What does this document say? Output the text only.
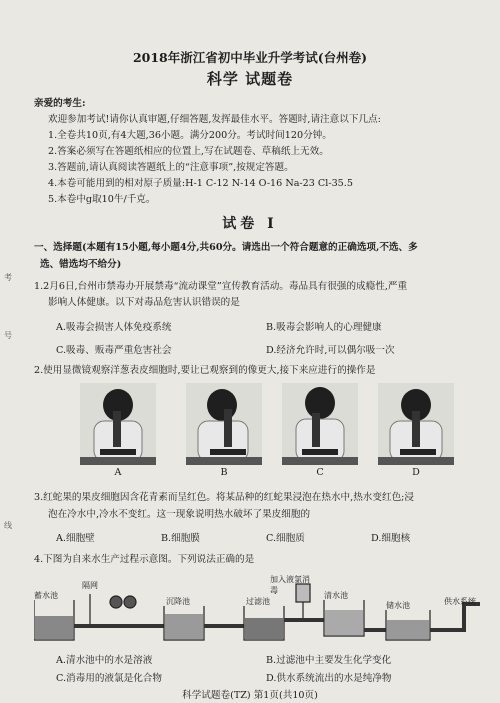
考
号
线
2018年浙江省初中毕业升学考试(台州卷)
科学 试题卷
亲爱的考生:
欢迎参加考试!请你认真审题,仔细答题,发挥最佳水平。答题时,请注意以下几点:
1.全卷共10页,有4大题,36小题。满分200分。考试时间120分钟。
2.答案必须写在答题纸相应的位置上,写在试题卷、草稿纸上无效。
3.答题前,请认真阅读答题纸上的“注意事项”,按规定答题。
4.本卷可能用到的相对原子质量:H-1 C-12 N-14 O-16 Na-23 Cl-35.5
5.本卷中g取10牛/千克。
试卷 I
一、选择题(本题有15小题,每小题4分,共60分。请选出一个符合题意的正确选项,不选、多
选、错选均不给分)
1.2月6日,台州市禁毒办开展禁毒“流动课堂”宣传教育活动。毒品具有很强的成瘾性,严重
影响人体健康。以下对毒品危害认识错误的是
A.吸毒会损害人体免疫系统	B.吸毒会影响人的心理健康
C.吸毒、贩毒严重危害社会	D.经济允许时,可以偶尔吸一次
2.使用显微镜观察洋葱表皮细胞时,要让已观察到的像更大,接下来应进行的操作是
A	B	C	D
3.红蛇果的果皮细胞因含花青素而呈红色。将某品种的红蛇果浸泡在热水中,热水变红色;浸
泡在冷水中,冷水不变红。这一现象说明热水破坏了果皮细胞的
A.细胞壁	B.细胞膜	C.细胞质	D.细胞核
4.下图为自来水生产过程示意图。下列说法正确的是
蓄水池
隔网
沉降池	过滤池
加入液氯消毒
清水池
储水池	供水系统
A.清水池中的水是溶液	B.过滤池中主要发生化学变化
C.消毒用的液氯是化合物	D.供水系统流出的水是纯净物
科学试题卷(TZ) 第1页(共10页)
